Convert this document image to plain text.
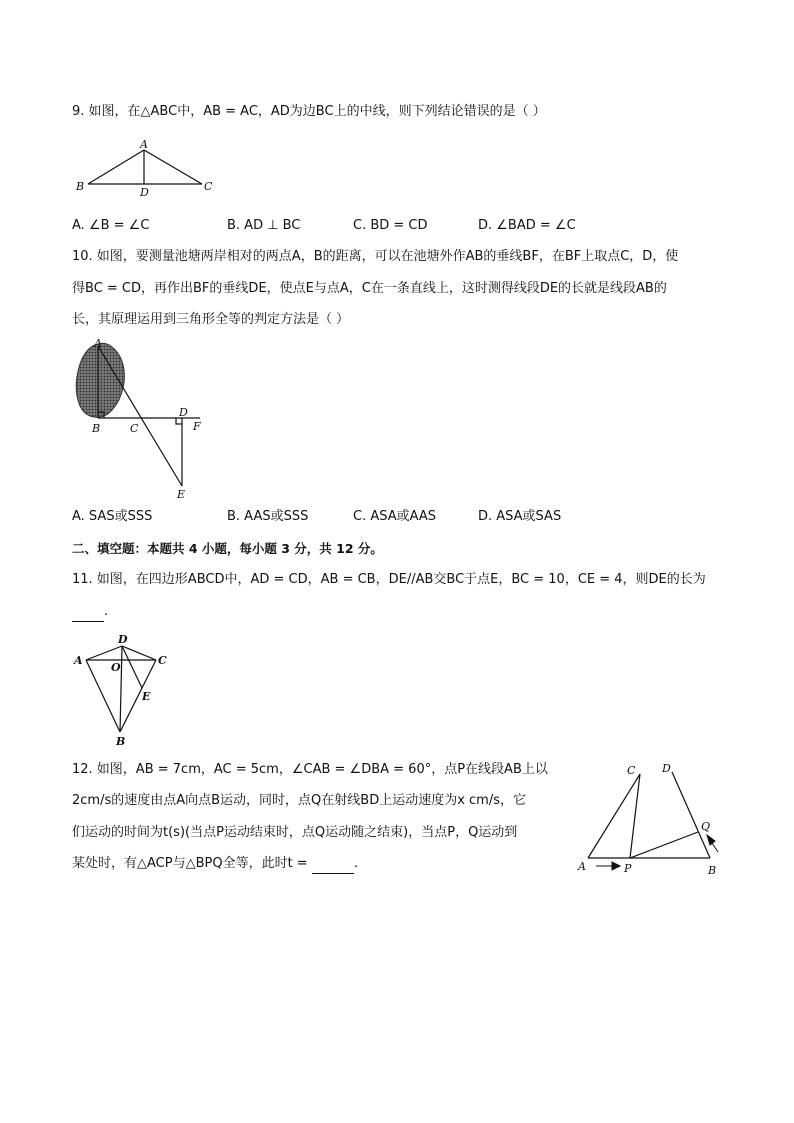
9. 如图，在△ABC中，AB = AC，AD为边BC上的中线，则下列结论错误的是（ ）
A
B	C
D
A. ∠B = ∠C	B. AD ⊥ BC	C. BD = CD	D. ∠BAD = ∠C
10. 如图，要测量池塘两岸相对的两点A，B的距离，可以在池塘外作AB的垂线BF，在BF上取点C，D，使
得BC = CD，再作出BF的垂线DE，使点E与点A，C在一条直线上，这时测得线段DE的长就是线段AB的
长，其原理运用到三角形全等的判定方法是（ ）
A
B	C
D
F
E
A. SAS或SSS	B. AAS或SSS	C. ASA或AAS	D. ASA或SAS
二、填空题：本题共 4 小题，每小题 3 分，共 12 分。
11. 如图，在四边形ABCD中，AD = CD，AB = CB，DE//AB交BC于点E，BC = 10，CE = 4，则DE的长为
.
D
A	C
O
E
B
12. 如图，AB = 7cm，AC = 5cm，∠CAB = ∠DBA = 60°，点P在线段AB上以
2cm/s的速度由点A向点B运动，同时，点Q在射线BD上运动速度为x cm/s，它
们运动的时间为t(s)(当点P运动结束时，点Q运动随之结束)，当点P，Q运动到
某处时，有△ACP与△BPQ全等，此时t =	.
C D
Q
A	P	B
